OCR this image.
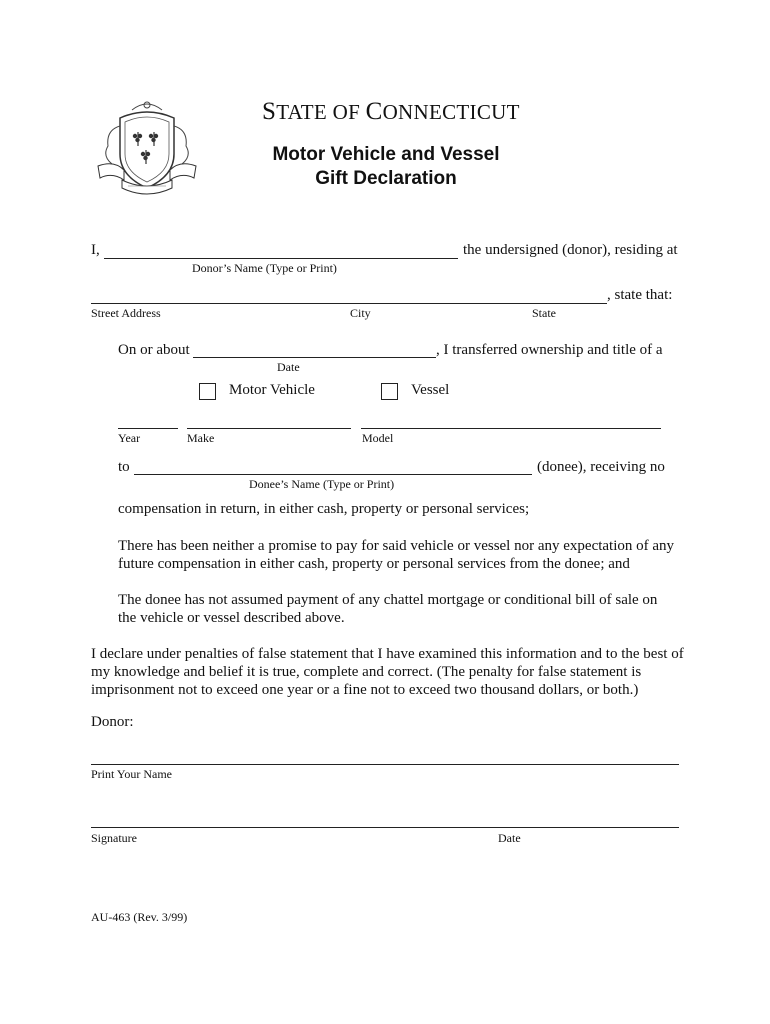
STATE OF CONNECTICUT
Motor Vehicle and Vessel
Gift Declaration
I,	the undersigned (donor), residing at
Donor’s Name (Type or Print)
, state that:
Street Address	City	State
On or about	, I transferred ownership and title of a
Date
Motor Vehicle	Vessel
Year	Make	Model
to	(donee), receiving no
Donee’s Name (Type or Print)
compensation in return, in either cash, property or personal services;
There has been neither a promise to pay for said vehicle or vessel nor any expectation of any future compensation in either cash, property or personal services from the donee; and
The donee has not assumed payment of any chattel mortgage or conditional bill of sale on the vehicle or vessel described above.
I declare under penalties of false statement that I have examined this information and to the best of my knowledge and belief it is true, complete and correct. (The penalty for false statement is imprisonment not to exceed one year or a fine not to exceed two thousand dollars, or both.)
Donor:
Print Your Name
Signature	Date
AU-463 (Rev. 3/99)
